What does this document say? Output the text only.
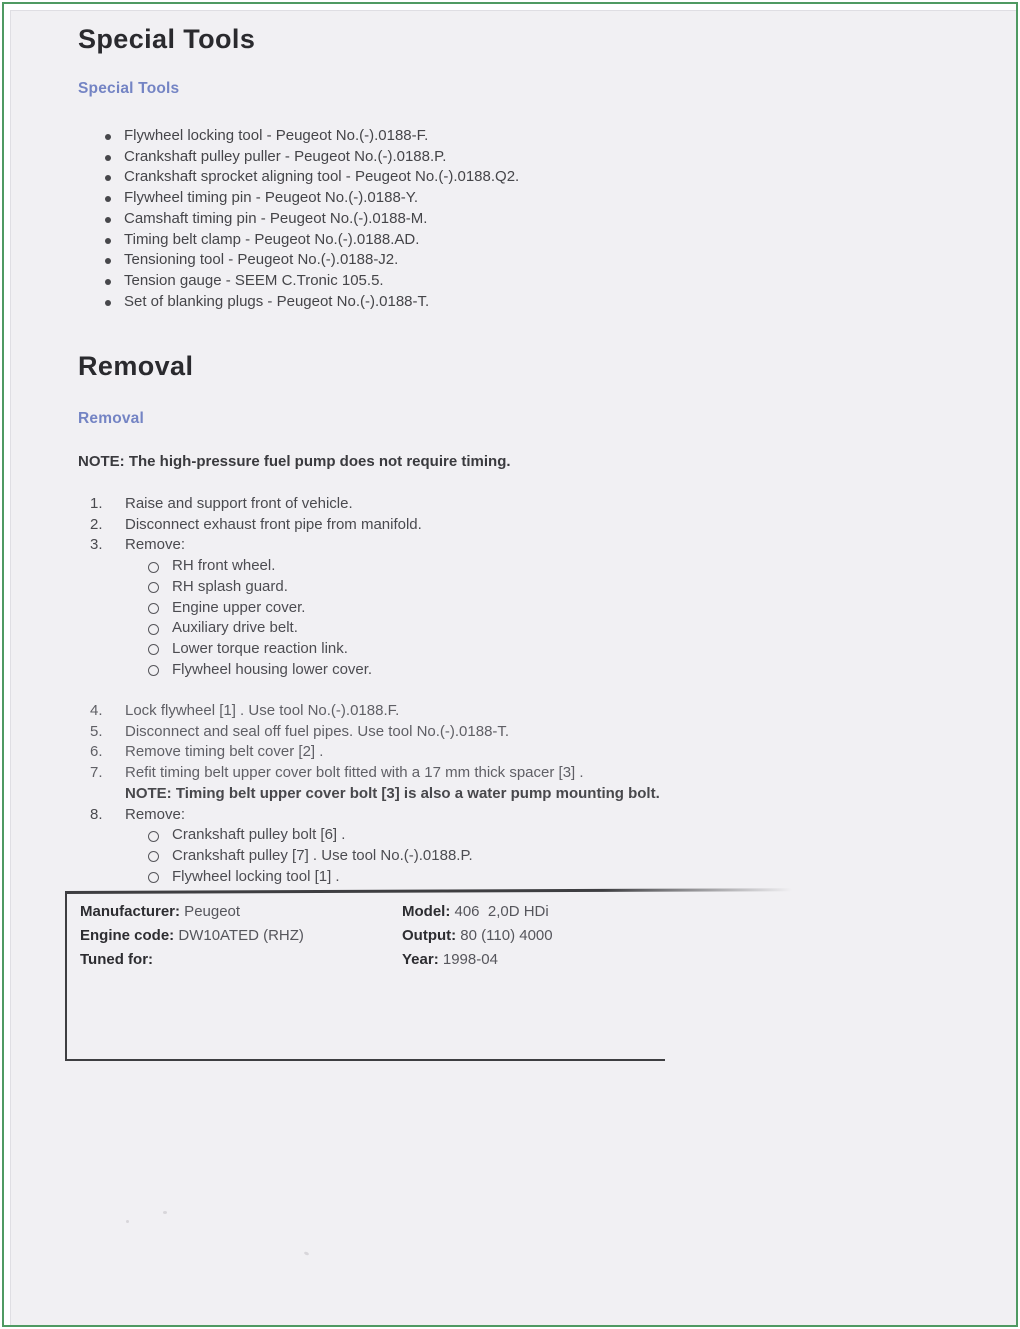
Special Tools
Special Tools
Flywheel locking tool - Peugeot No.(-).0188-F.
Crankshaft pulley puller - Peugeot No.(-).0188.P.
Crankshaft sprocket aligning tool - Peugeot No.(-).0188.Q2.
Flywheel timing pin - Peugeot No.(-).0188-Y.
Camshaft timing pin - Peugeot No.(-).0188-M.
Timing belt clamp - Peugeot No.(-).0188.AD.
Tensioning tool - Peugeot No.(-).0188-J2.
Tension gauge - SEEM C.Tronic 105.5.
Set of blanking plugs - Peugeot No.(-).0188-T.
Removal
Removal
NOTE: The high-pressure fuel pump does not require timing.
1. Raise and support front of vehicle.
2. Disconnect exhaust front pipe from manifold.
3. Remove:
RH front wheel.
RH splash guard.
Engine upper cover.
Auxiliary drive belt.
Lower torque reaction link.
Flywheel housing lower cover.
4. Lock flywheel [1] . Use tool No.(-).0188.F.
5. Disconnect and seal off fuel pipes. Use tool No.(-).0188-T.
6. Remove timing belt cover [2] .
7. Refit timing belt upper cover bolt fitted with a 17 mm thick spacer [3] .
NOTE: Timing belt upper cover bolt [3] is also a water pump mounting bolt.
8. Remove:
Crankshaft pulley bolt [6] .
Crankshaft pulley [7] . Use tool No.(-).0188.P.
Flywheel locking tool [1] .
Manufacturer: Peugeot
Engine code: DW10ATED (RHZ)
Tuned for:
Model: 406  2,0D HDi
Output: 80 (110) 4000
Year: 1998-04
